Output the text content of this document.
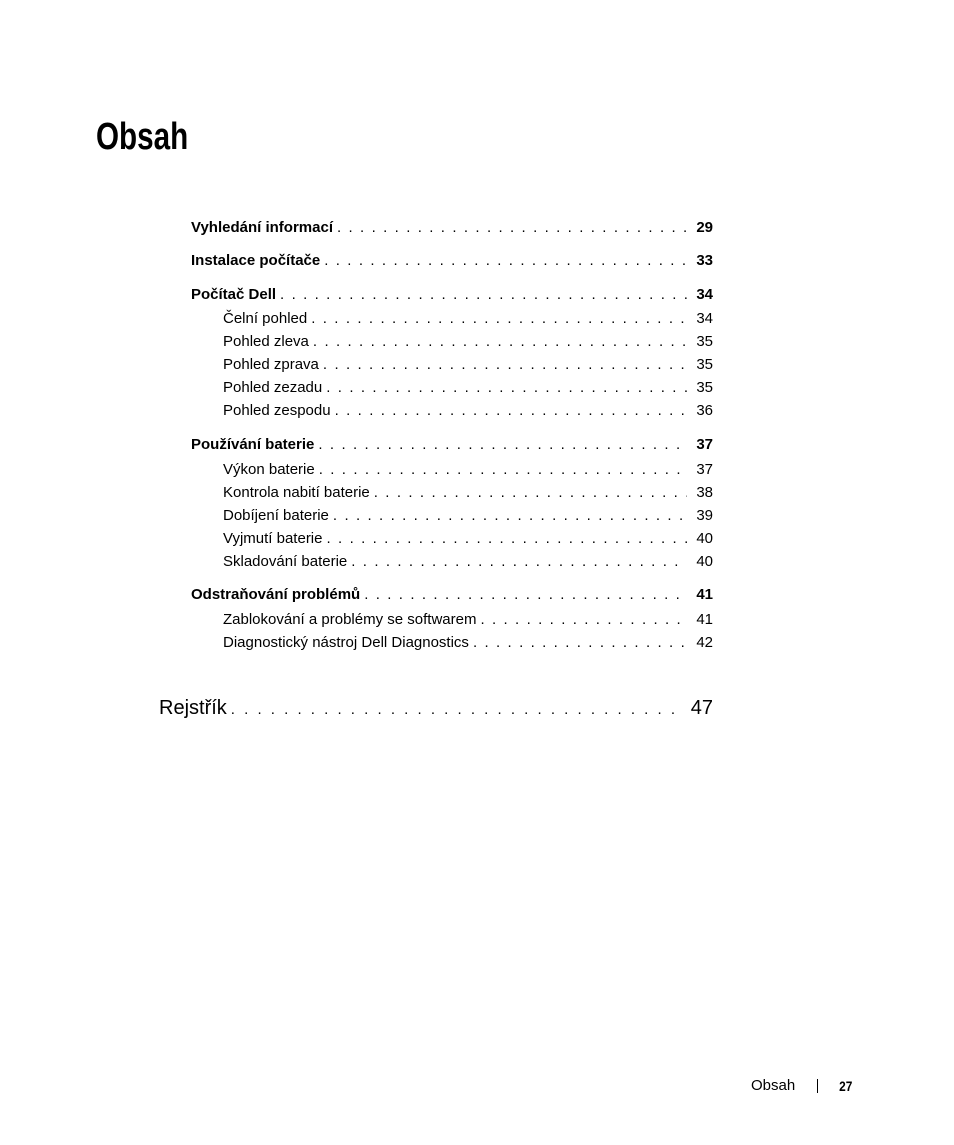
Obsah
Vyhledání informací . . .	29
Instalace počítače . . .	33
Počítač Dell . . .	34
Čelní pohled . . .	34
Pohled zleva . . .	35
Pohled zprava . . .	35
Pohled zezadu . . .	35
Pohled zespodu . . .	36
Používání baterie . . .	37
Výkon baterie . . .	37
Kontrola nabití baterie . . .	38
Dobíjení baterie . . .	39
Vyjmutí baterie . . .	40
Skladování baterie . . .	40
Odstraňování problémů . . .	41
Zablokování a problémy se softwarem . . .	41
Diagnostický nástroj Dell Diagnostics . . .	42
Rejstřík . . .	47
Obsah	27
